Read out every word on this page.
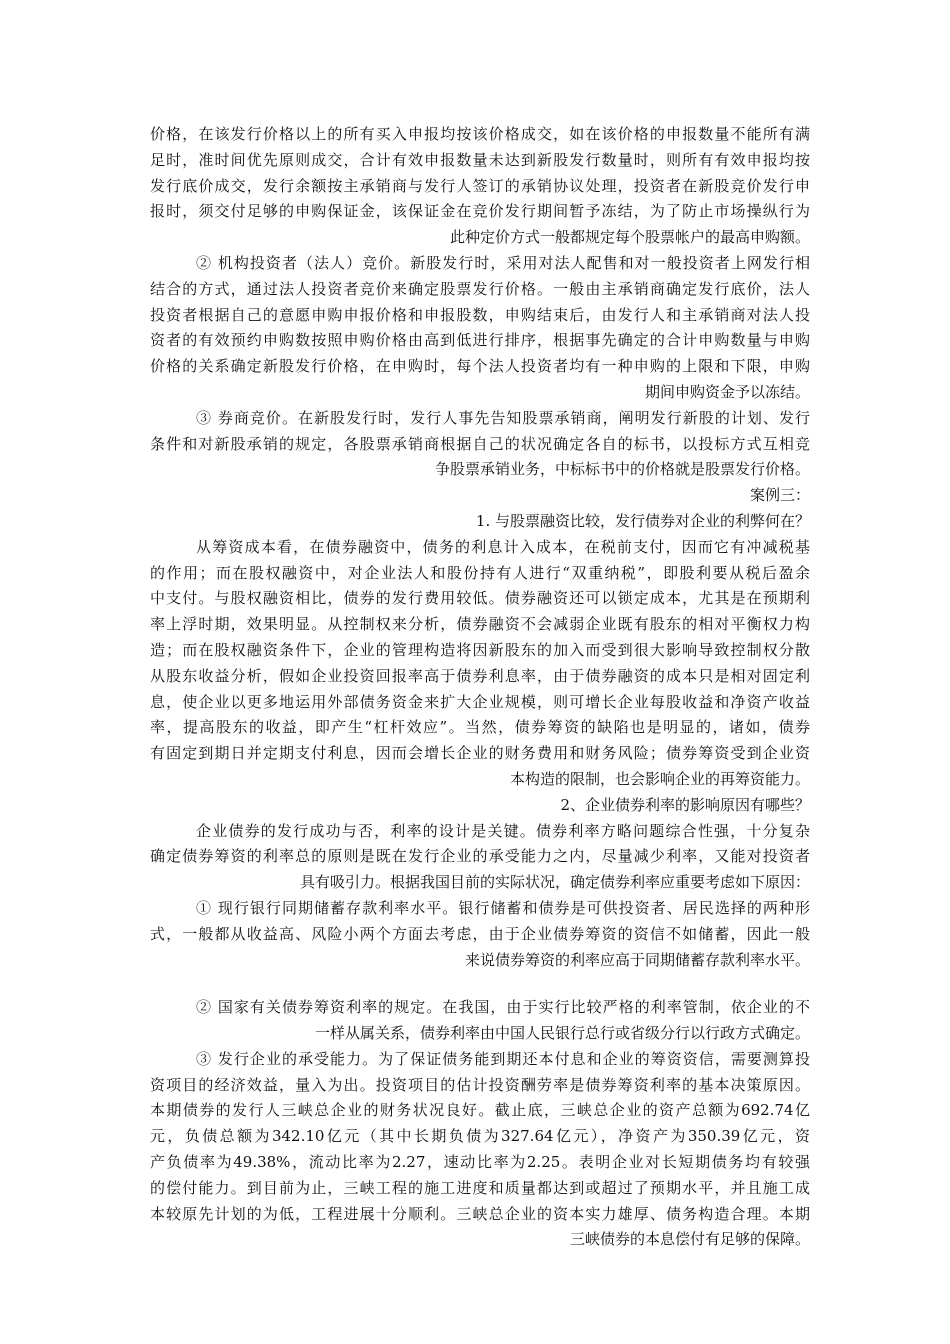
价格，在该发行价格以上的所有买入申报均按该价格成交，如在该价格的申报数量不能所有满
足时，准时间优先原则成交，合计有效申报数量未达到新股发行数量时，则所有有效申报均按
发行底价成交，发行余额按主承销商与发行人签订的承销协议处理，投资者在新股竞价发行申
报时，须交付足够的申购保证金，该保证金在竞价发行期间暂予冻结，为了防止市场操纵行为
此种定价方式一般都规定每个股票帐户的最高申购额。
② 机构投资者（法人）竞价。新股发行时，采用对法人配售和对一般投资者上网发行相
结合的方式，通过法人投资者竞价来确定股票发行价格。一般由主承销商确定发行底价，法人
投资者根据自己的意愿申购申报价格和申报股数，申购结束后，由发行人和主承销商对法人投
资者的有效预约申购数按照申购价格由高到低进行排序，根据事先确定的合计申购数量与申购
价格的关系确定新股发行价格，在申购时，每个法人投资者均有一种申购的上限和下限，申购
期间申购资金予以冻结。
③ 券商竞价。在新股发行时，发行人事先告知股票承销商，阐明发行新股的计划、发行
条件和对新股承销的规定，各股票承销商根据自己的状况确定各自的标书，以投标方式互相竞
争股票承销业务，中标标书中的价格就是股票发行价格。
案例三：
1. 与股票融资比较，发行债券对企业的利弊何在？
从筹资成本看，在债券融资中，债务的利息计入成本，在税前支付，因而它有冲减税基
的作用；而在股权融资中，对企业法人和股份持有人进行“双重纳税”，即股利要从税后盈余
中支付。与股权融资相比，债券的发行费用较低。债券融资还可以锁定成本，尤其是在预期利
率上浮时期，效果明显。从控制权来分析，债券融资不会减弱企业既有股东的相对平衡权力构
造；而在股权融资条件下，企业的管理构造将因新股东的加入而受到很大影响导致控制权分散
从股东收益分析，假如企业投资回报率高于债券利息率，由于债券融资的成本只是相对固定利
息，使企业以更多地运用外部债务资金来扩大企业规模，则可增长企业每股收益和净资产收益
率，提高股东的收益，即产生“杠杆效应”。当然，债券筹资的缺陷也是明显的，诸如，债券
有固定到期日并定期支付利息，因而会增长企业的财务费用和财务风险；债券筹资受到企业资
本构造的限制，也会影响企业的再筹资能力。
2、企业债券利率的影响原因有哪些？
企业债券的发行成功与否，利率的设计是关键。债券利率方略问题综合性强，十分复杂
确定债券筹资的利率总的原则是既在发行企业的承受能力之内，尽量减少利率，又能对投资者
具有吸引力。根据我国目前的实际状况，确定债券利率应重要考虑如下原因：
① 现行银行同期储蓄存款利率水平。银行储蓄和债券是可供投资者、居民选择的两种形
式，一般都从收益高、风险小两个方面去考虑，由于企业债券筹资的资信不如储蓄，因此一般
来说债券筹资的利率应高于同期储蓄存款利率水平。
② 国家有关债券筹资利率的规定。在我国，由于实行比较严格的利率管制，依企业的不
一样从属关系，债券利率由中国人民银行总行或省级分行以行政方式确定。
③ 发行企业的承受能力。为了保证债务能到期还本付息和企业的筹资资信，需要测算投
资项目的经济效益，量入为出。投资项目的估计投资酬劳率是债券筹资利率的基本决策原因。
本期债券的发行人三峡总企业的财务状况良好。截止底，三峡总企业的资产总额为692.74亿
元，负债总额为342.10亿元（其中长期负债为327.64亿元），净资产为350.39亿元，资
产负债率为49.38%，流动比率为2.27，速动比率为2.25。表明企业对长短期债务均有较强
的偿付能力。到目前为止，三峡工程的施工进度和质量都达到或超过了预期水平，并且施工成
本较原先计划的为低，工程进展十分顺利。三峡总企业的资本实力雄厚、债务构造合理。本期
三峡债券的本息偿付有足够的保障。
